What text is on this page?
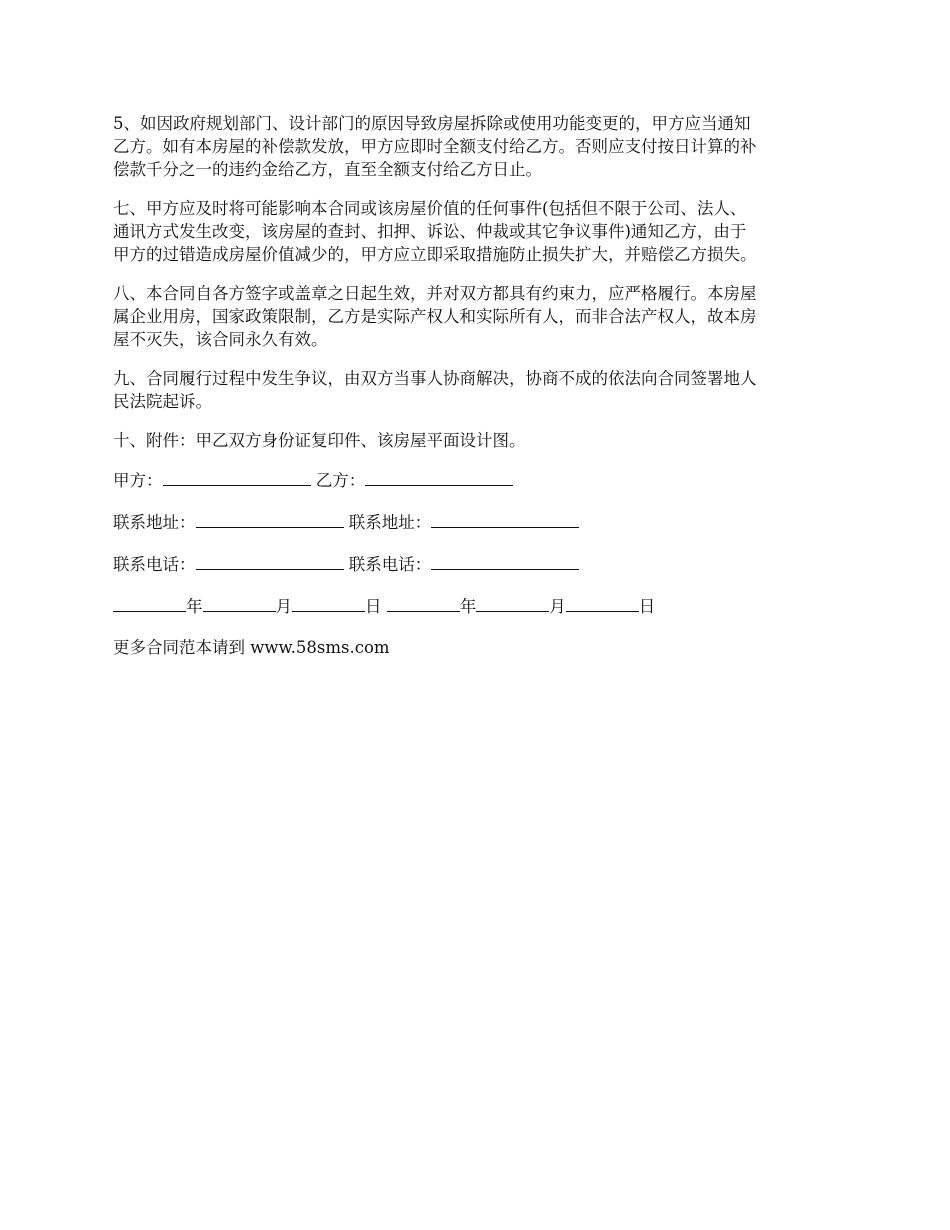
5、如因政府规划部门、设计部门的原因导致房屋拆除或使用功能变更的，甲方应当通知
乙方。如有本房屋的补偿款发放，甲方应即时全额支付给乙方。否则应支付按日计算的补
偿款千分之一的违约金给乙方，直至全额支付给乙方日止。

七、甲方应及时将可能影响本合同或该房屋价值的任何事件(包括但不限于公司、法人、
通讯方式发生改变，该房屋的查封、扣押、诉讼、仲裁或其它争议事件)通知乙方，由于
甲方的过错造成房屋价值减少的，甲方应立即采取措施防止损失扩大，并赔偿乙方损失。

八、本合同自各方签字或盖章之日起生效，并对双方都具有约束力，应严格履行。本房屋
属企业用房，国家政策限制，乙方是实际产权人和实际所有人，而非合法产权人，故本房
屋不灭失，该合同永久有效。

九、合同履行过程中发生争议，由双方当事人协商解决，协商不成的依法向合同签署地人
民法院起诉。

十、附件：甲乙双方身份证复印件、该房屋平面设计图。

甲方：	乙方：

联系地址：	联系地址：

联系电话：	联系电话：

年	月	日	年	月	日

更多合同范本请到 www.58sms.com
